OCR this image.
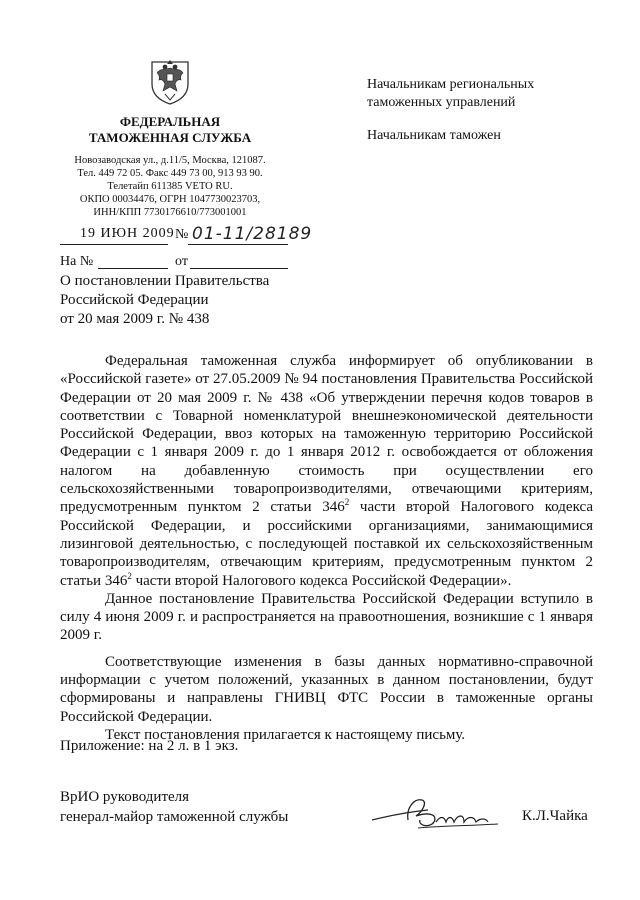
ФЕДЕРАЛЬНАЯ
ТАМОЖЕННАЯ СЛУЖБА
Новозаводская ул., д.11/5, Москва, 121087.
Тел. 449 72 05. Факс 449 73 00, 913 93 90.
Телетайп 611385 VETO RU.
ОКПО 00034476, ОГРН 1047730023703,
ИНН/КПП 7730176610/773001001
Начальникам региональных
таможенных управлений
Начальникам таможен
19 ИЮН 2009 № 01-11/28189
На №	от
О постановлении Правительства
Российской Федерации
от 20 мая 2009 г. № 438

Федеральная таможенная служба информирует об опубликовании в «Российской газете» от 27.05.2009 № 94 постановления Правительства Российской Федерации от 20 мая 2009 г. № 438 «Об утверждении перечня кодов товаров в соответствии с Товарной номенклатурой внешнеэкономической деятельности Российской Федерации, ввоз которых на таможенную территорию Российской Федерации с 1 января 2009 г. до 1 января 2012 г. освобождается от обложения налогом на добавленную стоимость при осуществлении его сельскохозяйственными товаропроизводителями, отвечающими критериям, предусмотренным пунктом 2 статьи $346^2$ части второй Налогового кодекса Российской Федерации, и российскими организациями, занимающимися лизинговой деятельностью, с последующей поставкой их сельскохозяйственным товаропроизводителям, отвечающим критериям, предусмотренным пунктом 2 статьи $346^2$ части второй Налогового кодекса Российской Федерации».

Данное постановление Правительства Российской Федерации вступило в силу 4 июня 2009 г. и распространяется на правоотношения, возникшие с 1 января 2009 г.

Соответствующие изменения в базы данных нормативно-справочной информации с учетом положений, указанных в данном постановлении, будут сформированы и направлены ГНИВЦ ФТС России в таможенные органы Российской Федерации.

Текст постановления прилагается к настоящему письму.

Приложение: на 2 л. в 1 экз.
ВрИО руководителя
генерал-майор таможенной службы	К.Л.Чайка
